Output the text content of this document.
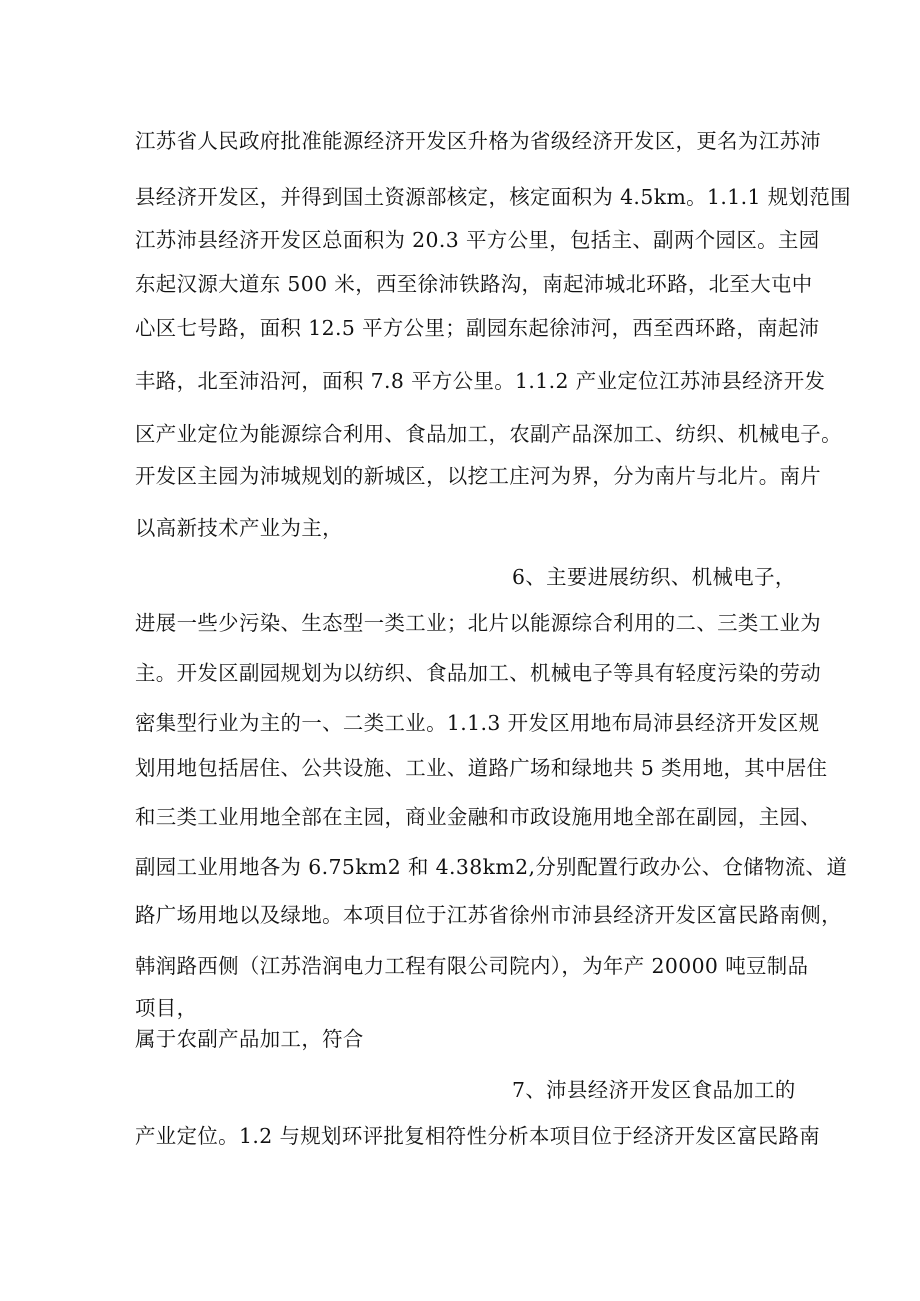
江苏省人民政府批准能源经济开发区升格为省级经济开发区，更名为江苏沛

县经济开发区，并得到国土资源部核定，核定面积为 4.5km。1.1.1 规划范围

江苏沛县经济开发区总面积为 20.3 平方公里，包括主、副两个园区。主园

东起汉源大道东 500 米，西至徐沛铁路沟，南起沛城北环路，北至大屯中

心区七号路，面积 12.5 平方公里；副园东起徐沛河，西至西环路，南起沛

丰路，北至沛沿河，面积 7.8 平方公里。1.1.2 产业定位江苏沛县经济开发

区产业定位为能源综合利用、食品加工，农副产品深加工、纺织、机械电子。

开发区主园为沛城规划的新城区，以挖工庄河为界，分为南片与北片。南片

以高新技术产业为主，

6、主要进展纺织、机械电子，

进展一些少污染、生态型一类工业；北片以能源综合利用的二、三类工业为

主。开发区副园规划为以纺织、食品加工、机械电子等具有轻度污染的劳动

密集型行业为主的一、二类工业。1.1.3 开发区用地布局沛县经济开发区规

划用地包括居住、公共设施、工业、道路广场和绿地共 5 类用地，其中居住

和三类工业用地全部在主园，商业金融和市政设施用地全部在副园，主园、

副园工业用地各为 6.75km2 和 4.38km2,分别配置行政办公、仓储物流、道

路广场用地以及绿地。本项目位于江苏省徐州市沛县经济开发区富民路南侧，

韩润路西侧（江苏浩润电力工程有限公司院内），为年产 20000 吨豆制品

项目，

属于农副产品加工，符合

7、沛县经济开发区食品加工的

产业定位。1.2 与规划环评批复相符性分析本项目位于经济开发区富民路南
